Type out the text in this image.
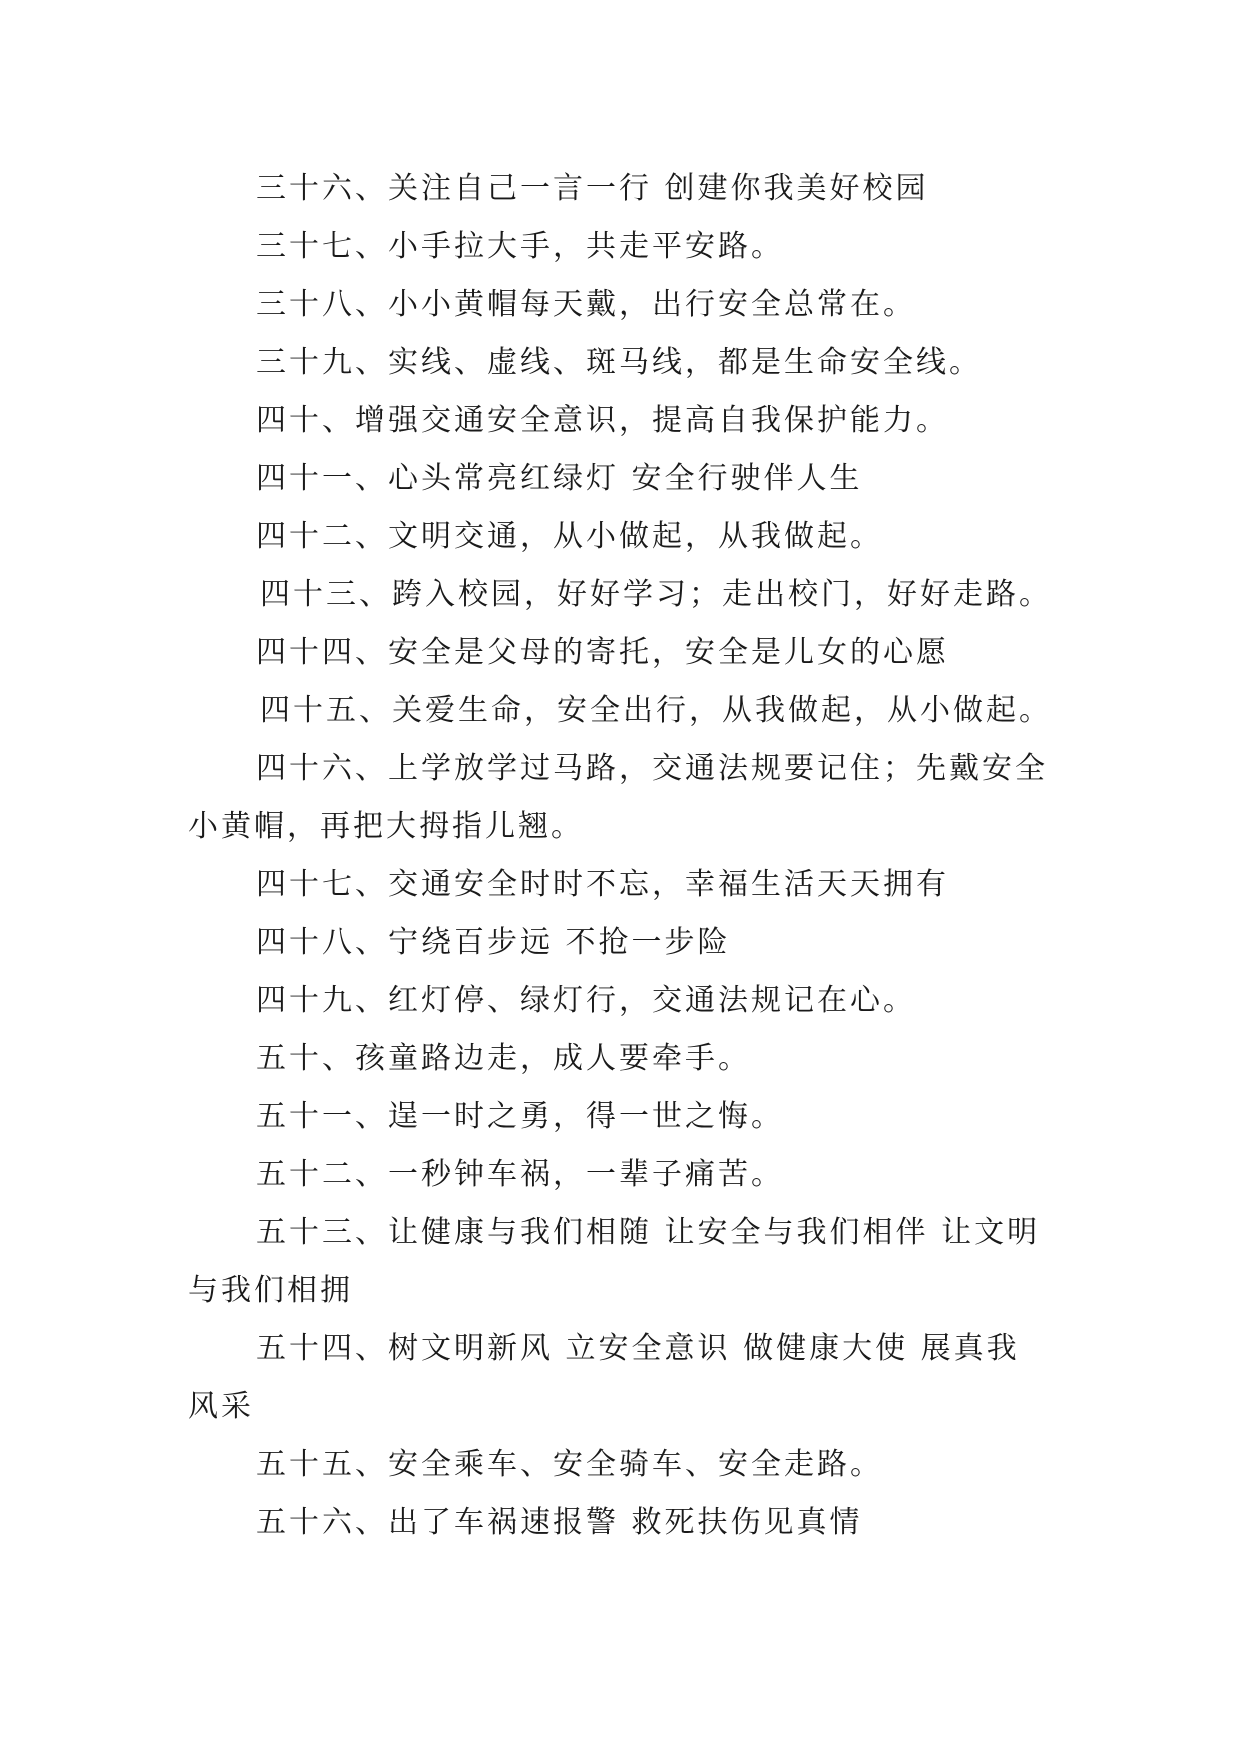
三十六、关注自己一言一行 创建你我美好校园
三十七、小手拉大手，共走平安路。
三十八、小小黄帽每天戴，出行安全总常在。
三十九、实线、虚线、斑马线，都是生命安全线。
四十、增强交通安全意识，提高自我保护能力。
四十一、心头常亮红绿灯 安全行驶伴人生
四十二、文明交通，从小做起，从我做起。
四十三、跨入校园，好好学习；走出校门，好好走路。
四十四、安全是父母的寄托，安全是儿女的心愿
四十五、关爱生命，安全出行，从我做起，从小做起。
四十六、上学放学过马路，交通法规要记住；先戴安全
小黄帽，再把大拇指儿翘。
四十七、交通安全时时不忘，幸福生活天天拥有
四十八、宁绕百步远 不抢一步险
四十九、红灯停、绿灯行，交通法规记在心。
五十、孩童路边走，成人要牵手。
五十一、逞一时之勇，得一世之悔。
五十二、一秒钟车祸，一辈子痛苦。
五十三、让健康与我们相随 让安全与我们相伴 让文明
与我们相拥
五十四、树文明新风 立安全意识 做健康大使 展真我
风采
五十五、安全乘车、安全骑车、安全走路。
五十六、出了车祸速报警 救死扶伤见真情
